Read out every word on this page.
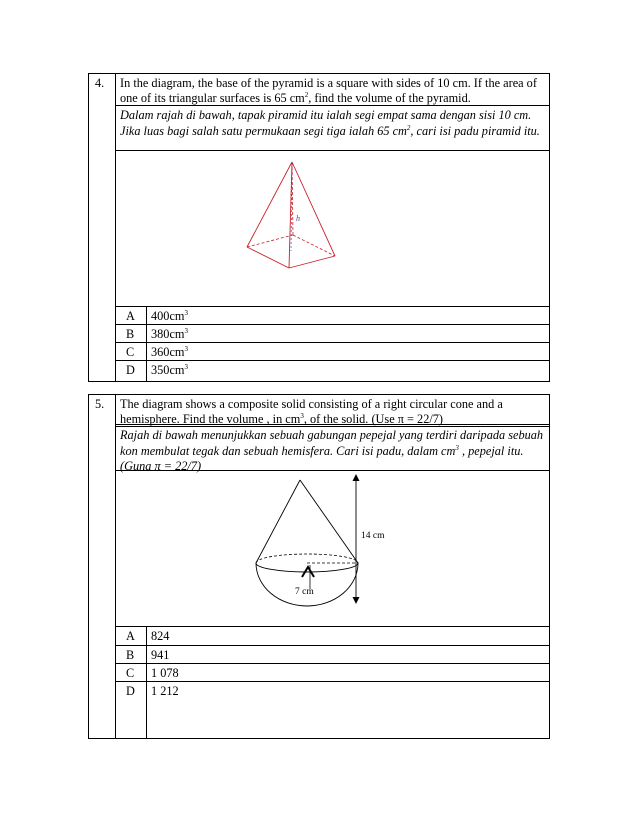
4. In the diagram, the base of the pyramid is a square with sides of 10 cm. If the area of one of its triangular surfaces is 65 $cm^2$, find the volume of the pyramid.
Dalam rajah di bawah, tapak piramid itu ialah segi empat sama dengan sisi 10 cm. Jika luas bagi salah satu permukaan segi tiga ialah 65 $cm^2$, cari isi padu piramid itu.
h
A $400cm^3$
B $380cm^3$
C $360cm^3$
D $350cm^3$
5. The diagram shows a composite solid consisting of a right circular cone and a hemisphere. Find the volume , in $cm^3$, of the solid. (Use π = 22/7)
Rajah di bawah menunjukkan sebuah gabungan pepejal yang terdiri daripada sebuah kon membulat tegak dan sebuah hemisfera. Cari isi padu, dalam $cm^3$ , pepejal itu. (Guna π = 22/7)
7 cm
14 cm
A 824
B 941
C 1 078
D 1 212
